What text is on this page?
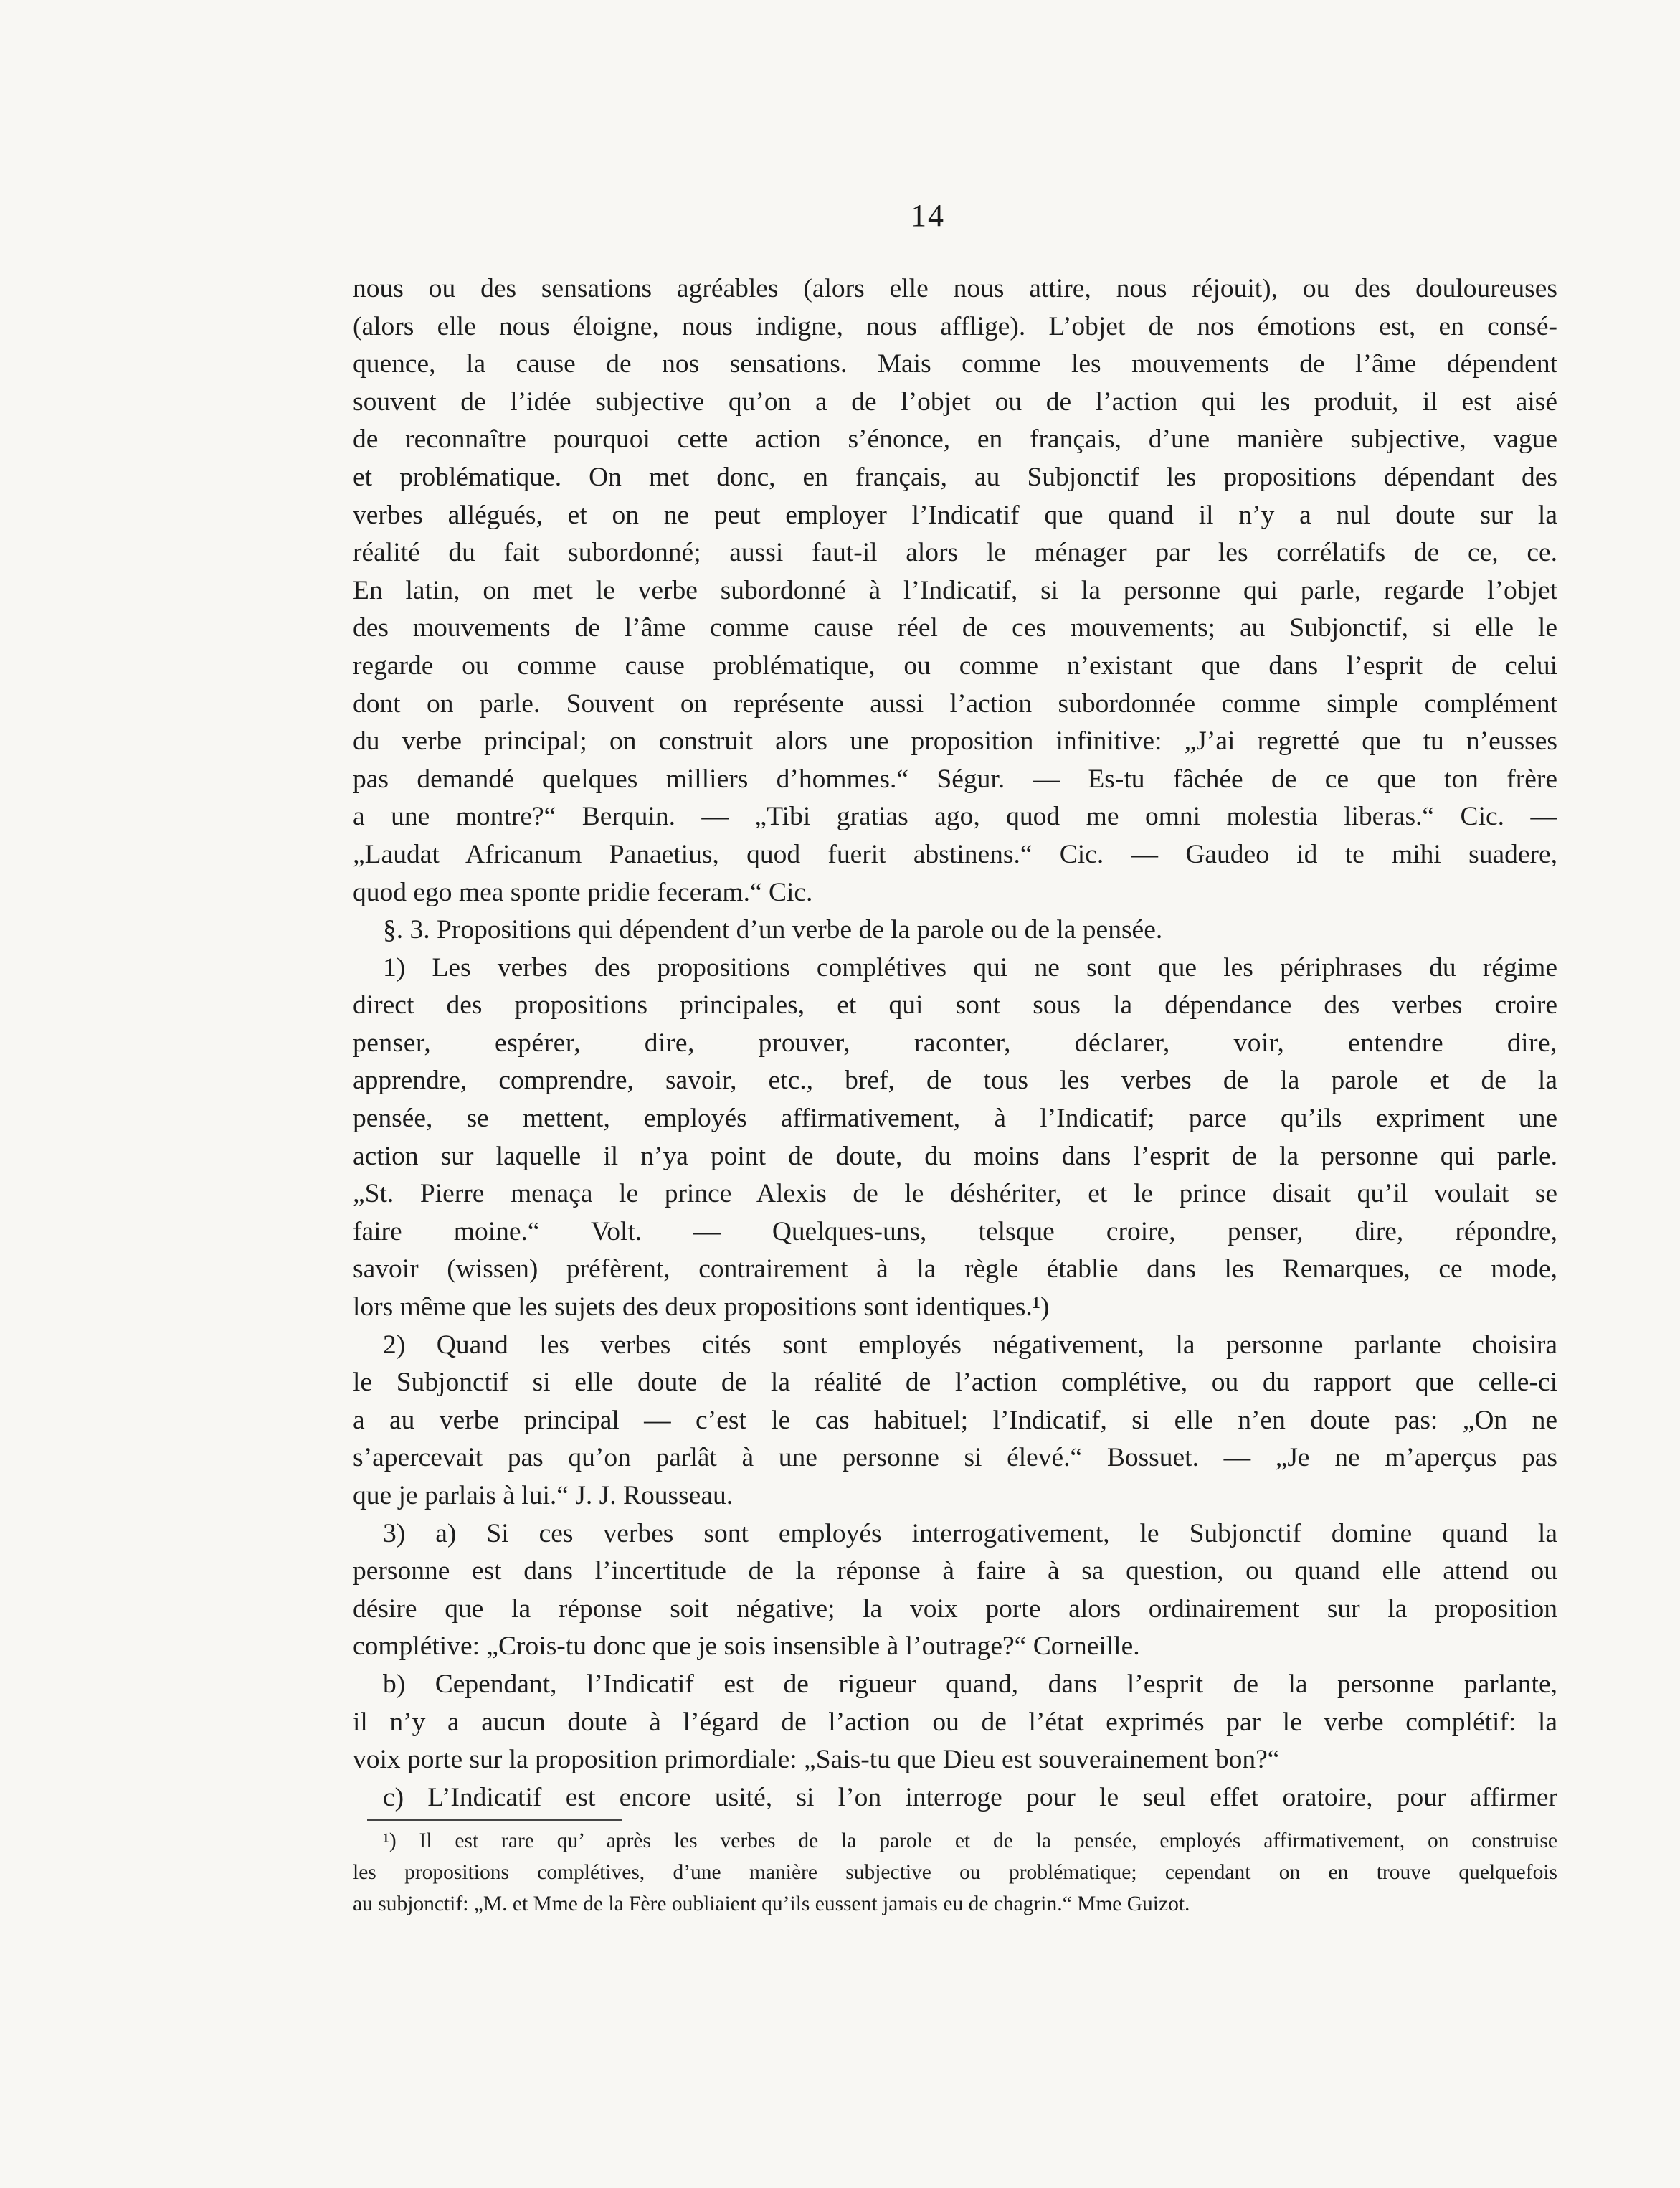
14
nous ou des sensations agréables (alors elle nous attire, nous réjouit), ou des douloureuses
(alors elle nous éloigne, nous indigne, nous afflige). L’objet de nos émotions est, en consé-
quence, la cause de nos sensations. Mais comme les mouvements de l’âme dépendent
souvent de l’idée subjective qu’on a de l’objet ou de l’action qui les produit, il est aisé
de reconnaître pourquoi cette action s’énonce, en français, d’une manière subjective, vague
et problématique. On met donc, en français, au Subjonctif les propositions dépendant des
verbes allégués, et on ne peut employer l’Indicatif que quand il n’y a nul doute sur la
réalité du fait subordonné; aussi faut-il alors le ménager par les corrélatifs de ce, ce.
En latin, on met le verbe subordonné à l’Indicatif, si la personne qui parle, regarde l’objet
des mouvements de l’âme comme cause réel de ces mouvements; au Subjonctif, si elle le
regarde ou comme cause problématique, ou comme n’existant que dans l’esprit de celui
dont on parle. Souvent on représente aussi l’action subordonnée comme simple complément
du verbe principal; on construit alors une proposition infinitive: „J’ai regretté que tu n’eusses
pas demandé quelques milliers d’hommes.“ Ségur. — Es-tu fâchée de ce que ton frère
a une montre?“ Berquin. — „Tibi gratias ago, quod me omni molestia liberas.“ Cic. —
„Laudat Africanum Panaetius, quod fuerit abstinens.“ Cic. — Gaudeo id te mihi suadere,
quod ego mea sponte pridie feceram.“ Cic.
§. 3. Propositions qui dépendent d’un verbe de la parole ou de la pensée.
1) Les verbes des propositions complétives qui ne sont que les périphrases du régime
direct des propositions principales, et qui sont sous la dépendance des verbes croire
penser, espérer, dire, prouver, raconter, déclarer, voir, entendre dire,
apprendre, comprendre, savoir, etc., bref, de tous les verbes de la parole et de la
pensée, se mettent, employés affirmativement, à l’Indicatif; parce qu’ils expriment une
action sur laquelle il n’ya point de doute, du moins dans l’esprit de la personne qui parle.
„St. Pierre menaça le prince Alexis de le déshériter, et le prince disait qu’il voulait se
faire moine.“ Volt. — Quelques-uns, telsque croire, penser, dire, répondre,
savoir (wissen) préfèrent, contrairement à la règle établie dans les Remarques, ce mode,
lors même que les sujets des deux propositions sont identiques.¹)
2) Quand les verbes cités sont employés négativement, la personne parlante choisira
le Subjonctif si elle doute de la réalité de l’action complétive, ou du rapport que celle-ci
a au verbe principal — c’est le cas habituel; l’Indicatif, si elle n’en doute pas: „On ne
s’apercevait pas qu’on parlât à une personne si élevé.“ Bossuet. — „Je ne m’aperçus pas
que je parlais à lui.“ J. J. Rousseau.
3) a) Si ces verbes sont employés interrogativement, le Subjonctif domine quand la
personne est dans l’incertitude de la réponse à faire à sa question, ou quand elle attend ou
désire que la réponse soit négative; la voix porte alors ordinairement sur la proposition
complétive: „Crois-tu donc que je sois insensible à l’outrage?“ Corneille.
b) Cependant, l’Indicatif est de rigueur quand, dans l’esprit de la personne parlante,
il n’y a aucun doute à l’égard de l’action ou de l’état exprimés par le verbe complétif: la
voix porte sur la proposition primordiale: „Sais-tu que Dieu est souverainement bon?“
c) L’Indicatif est encore usité, si l’on interroge pour le seul effet oratoire, pour affirmer
¹) Il est rare qu’ après les verbes de la parole et de la pensée, employés affirmativement, on construise
les propositions complétives, d’une manière subjective ou problématique; cependant on en trouve quelquefois
au subjonctif: „M. et Mme de la Fère oubliaient qu’ils eussent jamais eu de chagrin.“ Mme Guizot.
